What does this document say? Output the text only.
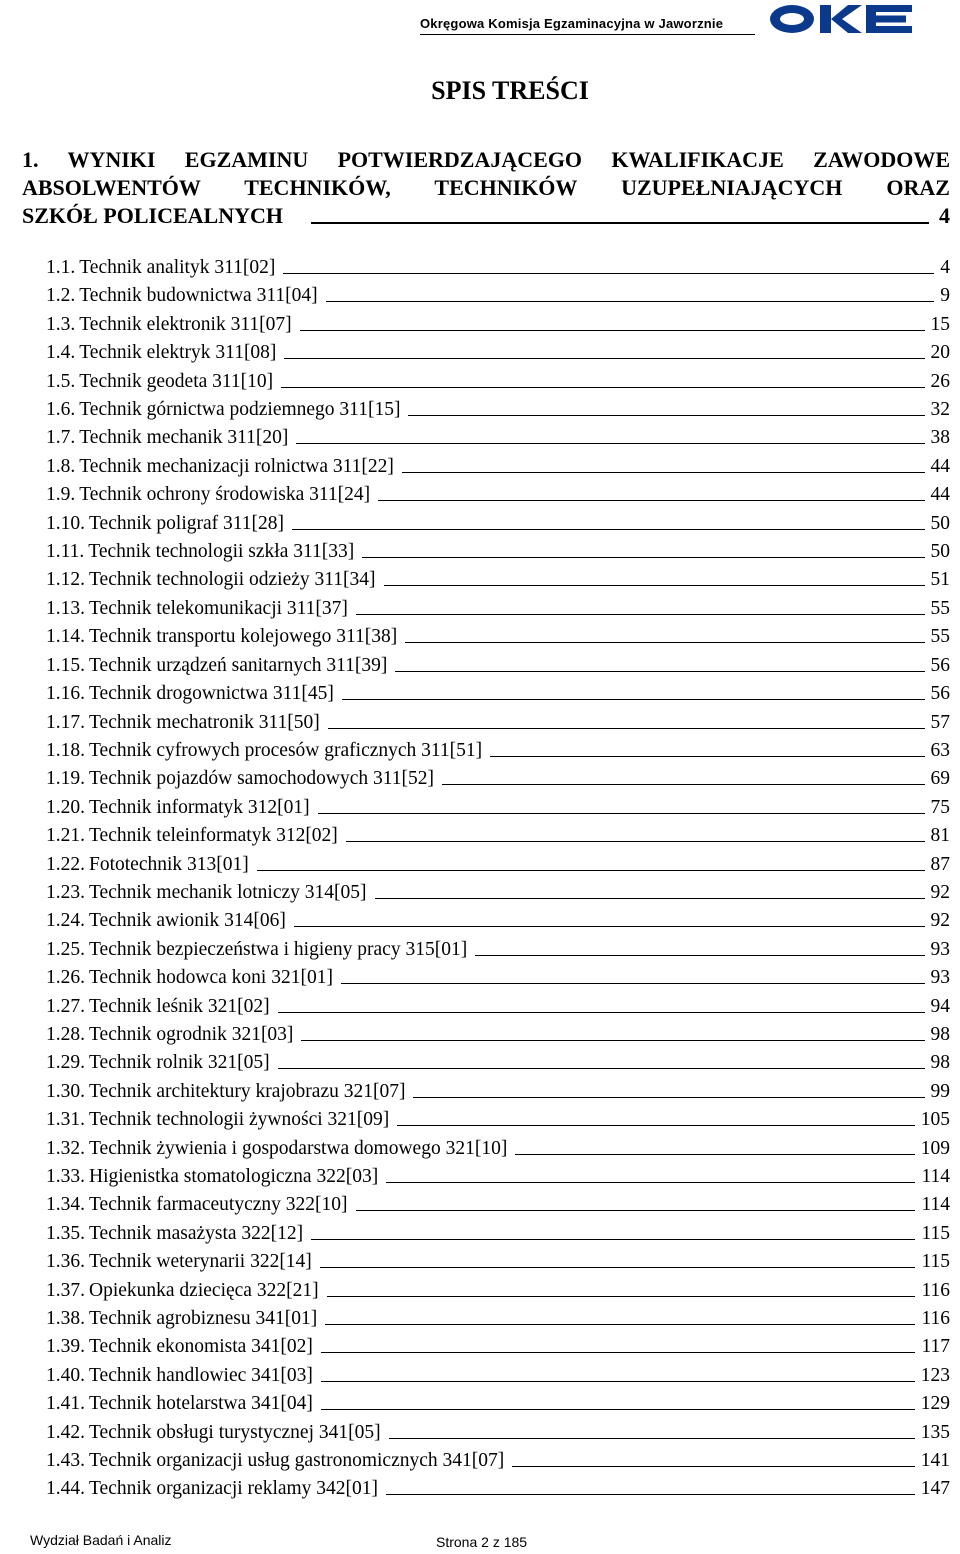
Okręgowa Komisja Egzaminacyjna w Jaworznie
SPIS TREŚCI
1. WYNIKI EGZAMINU POTWIERDZAJĄCEGO KWALIFIKACJE ZAWODOWE
ABSOLWENTÓW TECHNIKÓW, TECHNIKÓW UZUPEŁNIAJĄCYCH ORAZ
SZKÓŁ POLICEALNYCH	4
1.1. Technik analityk 311[02]	4
1.2. Technik budownictwa 311[04]	9
1.3. Technik elektronik 311[07]	15
1.4. Technik elektryk 311[08]	20
1.5. Technik geodeta 311[10]	26
1.6. Technik górnictwa podziemnego 311[15]	32
1.7. Technik mechanik 311[20]	38
1.8. Technik mechanizacji rolnictwa 311[22]	44
1.9. Technik ochrony środowiska 311[24]	44
1.10. Technik poligraf 311[28]	50
1.11. Technik technologii szkła 311[33]	50
1.12. Technik technologii odzieży 311[34]	51
1.13. Technik telekomunikacji 311[37]	55
1.14. Technik transportu kolejowego 311[38]	55
1.15. Technik urządzeń sanitarnych 311[39]	56
1.16. Technik drogownictwa 311[45]	56
1.17. Technik mechatronik 311[50]	57
1.18. Technik cyfrowych procesów graficznych 311[51]	63
1.19. Technik pojazdów samochodowych 311[52]	69
1.20. Technik informatyk 312[01]	75
1.21. Technik teleinformatyk 312[02]	81
1.22. Fototechnik 313[01]	87
1.23. Technik mechanik lotniczy 314[05]	92
1.24. Technik awionik 314[06]	92
1.25. Technik bezpieczeństwa i higieny pracy 315[01]	93
1.26. Technik hodowca koni 321[01]	93
1.27. Technik leśnik 321[02]	94
1.28. Technik ogrodnik 321[03]	98
1.29. Technik rolnik 321[05]	98
1.30. Technik architektury krajobrazu 321[07]	99
1.31. Technik technologii żywności 321[09]	105
1.32. Technik żywienia i gospodarstwa domowego 321[10]	109
1.33. Higienistka stomatologiczna 322[03]	114
1.34. Technik farmaceutyczny 322[10]	114
1.35. Technik masażysta 322[12]	115
1.36. Technik weterynarii 322[14]	115
1.37. Opiekunka dziecięca 322[21]	116
1.38. Technik agrobiznesu 341[01]	116
1.39. Technik ekonomista 341[02]	117
1.40. Technik handlowiec 341[03]	123
1.41. Technik hotelarstwa 341[04]	129
1.42. Technik obsługi turystycznej 341[05]	135
1.43. Technik organizacji usług gastronomicznych 341[07]	141
1.44. Technik organizacji reklamy 342[01]	147
Wydział Badań i Analiz	Strona 2 z 185
